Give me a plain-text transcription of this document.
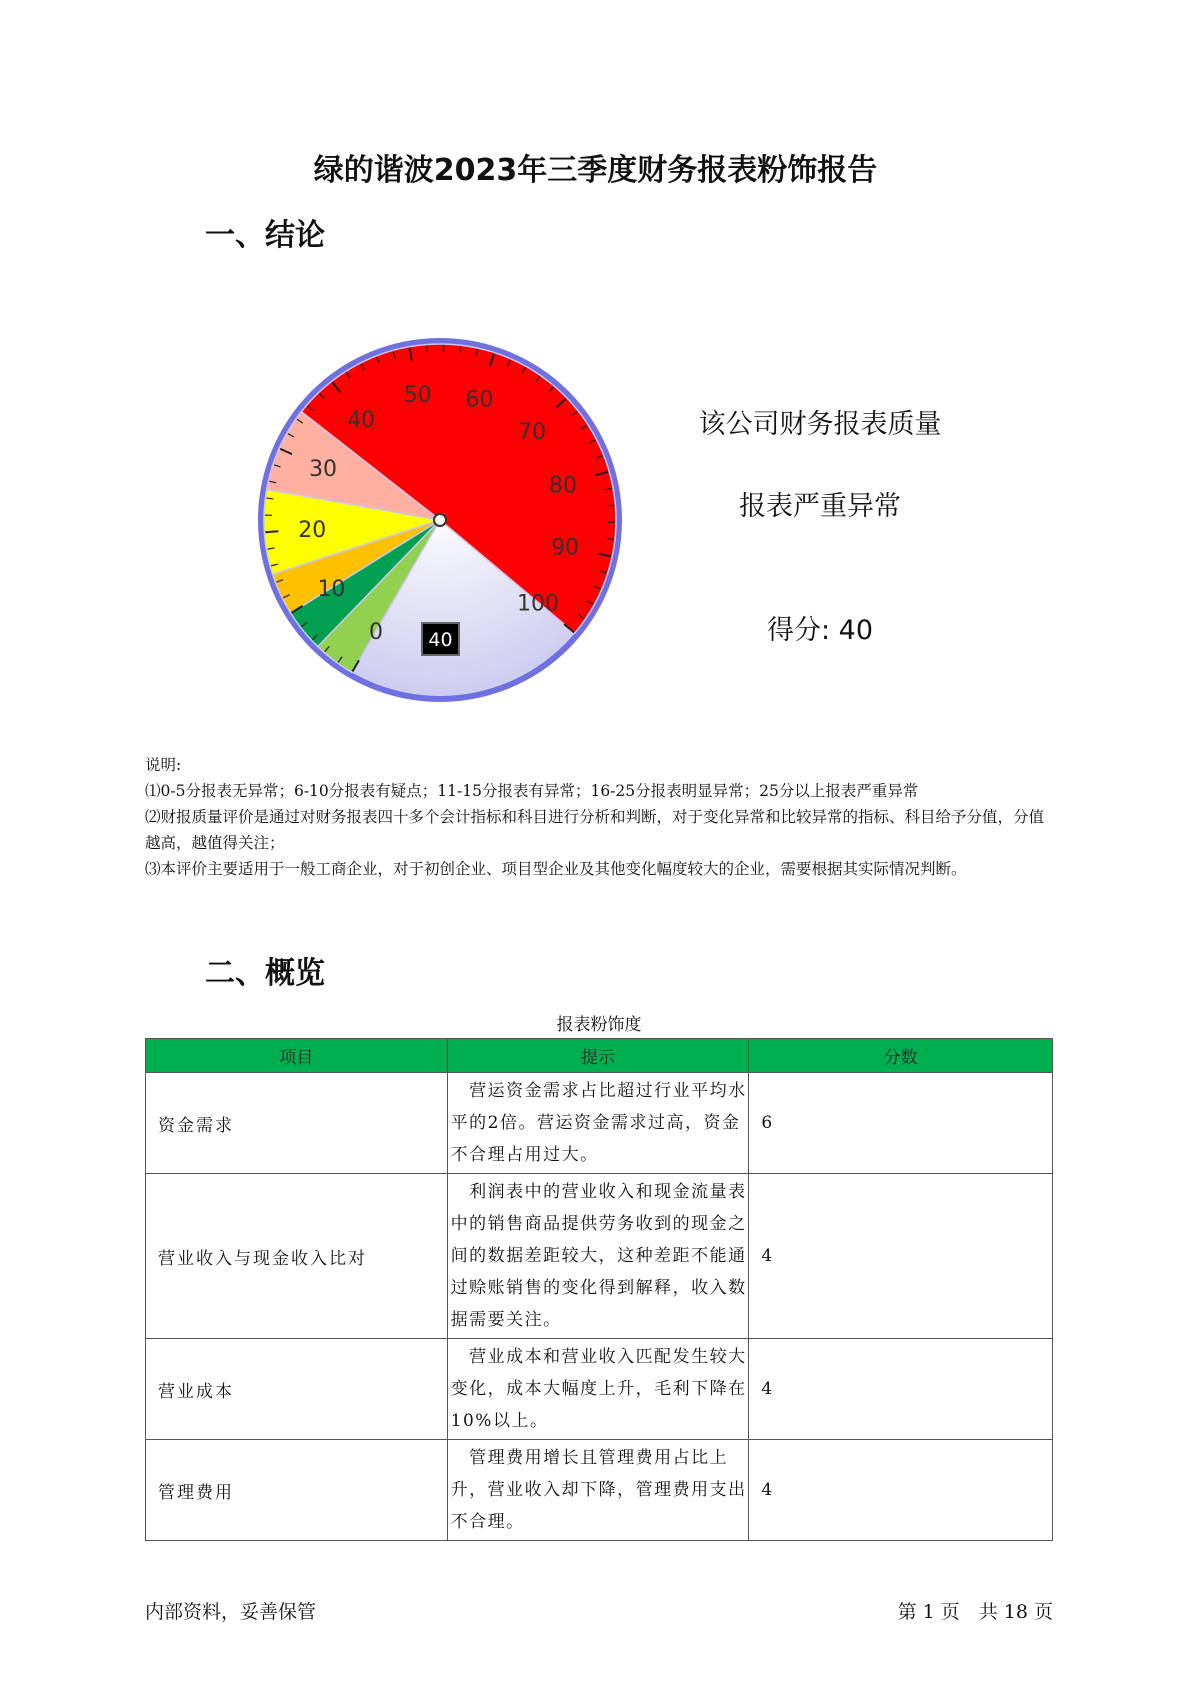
绿的谐波2023年三季度财务报表粉饰报告
一、结论
0
10
20
30
40
50 60
70
80
90
100
40
该公司财务报表质量
报表严重异常
得分: 40
说明:
⑴0-5分报表无异常；6-10分报表有疑点；11-15分报表有异常；16-25分报表明显异常；25分以上报表严重异常
⑵财报质量评价是通过对财务报表四十多个会计指标和科目进行分析和判断，对于变化异常和比较异常的指标、科目给予分值，分值越高，越值得关注；
⑶本评价主要适用于一般工商企业，对于初创企业、项目型企业及其他变化幅度较大的企业，需要根据其实际情况判断。
二、概览
报表粉饰度
项目	提示	分数
资金需求	　营运资金需求占比超过行业平均水平的2倍。营运资金需求过高，资金不合理占用过大。	6
营业收入与现金收入比对	　利润表中的营业收入和现金流量表中的销售商品提供劳务收到的现金之间的数据差距较大，这种差距不能通过赊账销售的变化得到解释，收入数据需要关注。	4
营业成本	　营业成本和营业收入匹配发生较大变化，成本大幅度上升，毛利下降在10%以上。	4
管理费用	　管理费用增长且管理费用占比上升，营业收入却下降，管理费用支出不合理。	4
内部资料，妥善保管	第 1 页　共 18 页
